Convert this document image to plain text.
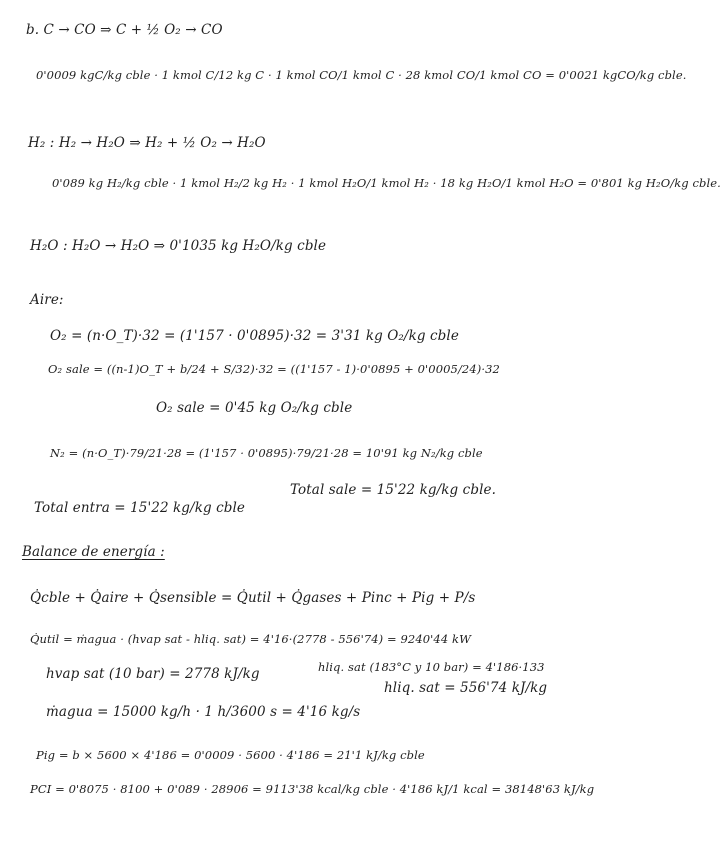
b. C → CO ⇒ C + ½ O₂ → CO
0'0009 kgC/kg cble · 1 kmol C/12 kg C · 1 kmol CO/1 kmol C · 28 kmol CO/1 kmol CO = 0'0021 kgCO/kg cble.
H₂ : H₂ → H₂O ⇒ H₂ + ½ O₂ → H₂O
0'089 kg H₂/kg cble · 1 kmol H₂/2 kg H₂ · 1 kmol H₂O/1 kmol H₂ · 18 kg H₂O/1 kmol H₂O = 0'801 kg H₂O/kg cble.
H₂O : H₂O → H₂O ⇒ 0'1035 kg H₂O/kg cble
Aire:
O₂ = (n·O_T)·32 = (1'157 · 0'0895)·32 = 3'31 kg O₂/kg cble
O₂ sale = ((n-1)O_T + b/24 + S/32)·32 = ((1'157 - 1)·0'0895 + 0'0005/24)·32
O₂ sale = 0'45 kg O₂/kg cble
N₂ = (n·O_T)·79/21·28 = (1'157 · 0'0895)·79/21·28 = 10'91 kg N₂/kg cble
Total entra = 15'22 kg/kg cble
Total sale = 15'22 kg/kg cble.
Balance de energía :
Q̇cble + Q̇aire + Q̇sensible = Q̇util + Q̇gases + Pinc + Pig + P/s
Q̇util = ṁagua · (hvap sat - hliq. sat) = 4'16·(2778 - 556'74) = 9240'44 kW
hvap sat (10 bar) = 2778 kJ/kg	hliq. sat (183°C y 10 bar) = 4'186·133
hliq. sat = 556'74 kJ/kg
ṁagua = 15000 kg/h · 1 h/3600 s = 4'16 kg/s
Pig = b × 5600 × 4'186 = 0'0009 · 5600 · 4'186 = 21'1 kJ/kg cble
PCI = 0'8075 · 8100 + 0'089 · 28906 = 9113'38 kcal/kg cble · 4'186 kJ/1 kcal = 38148'63 kJ/kg
